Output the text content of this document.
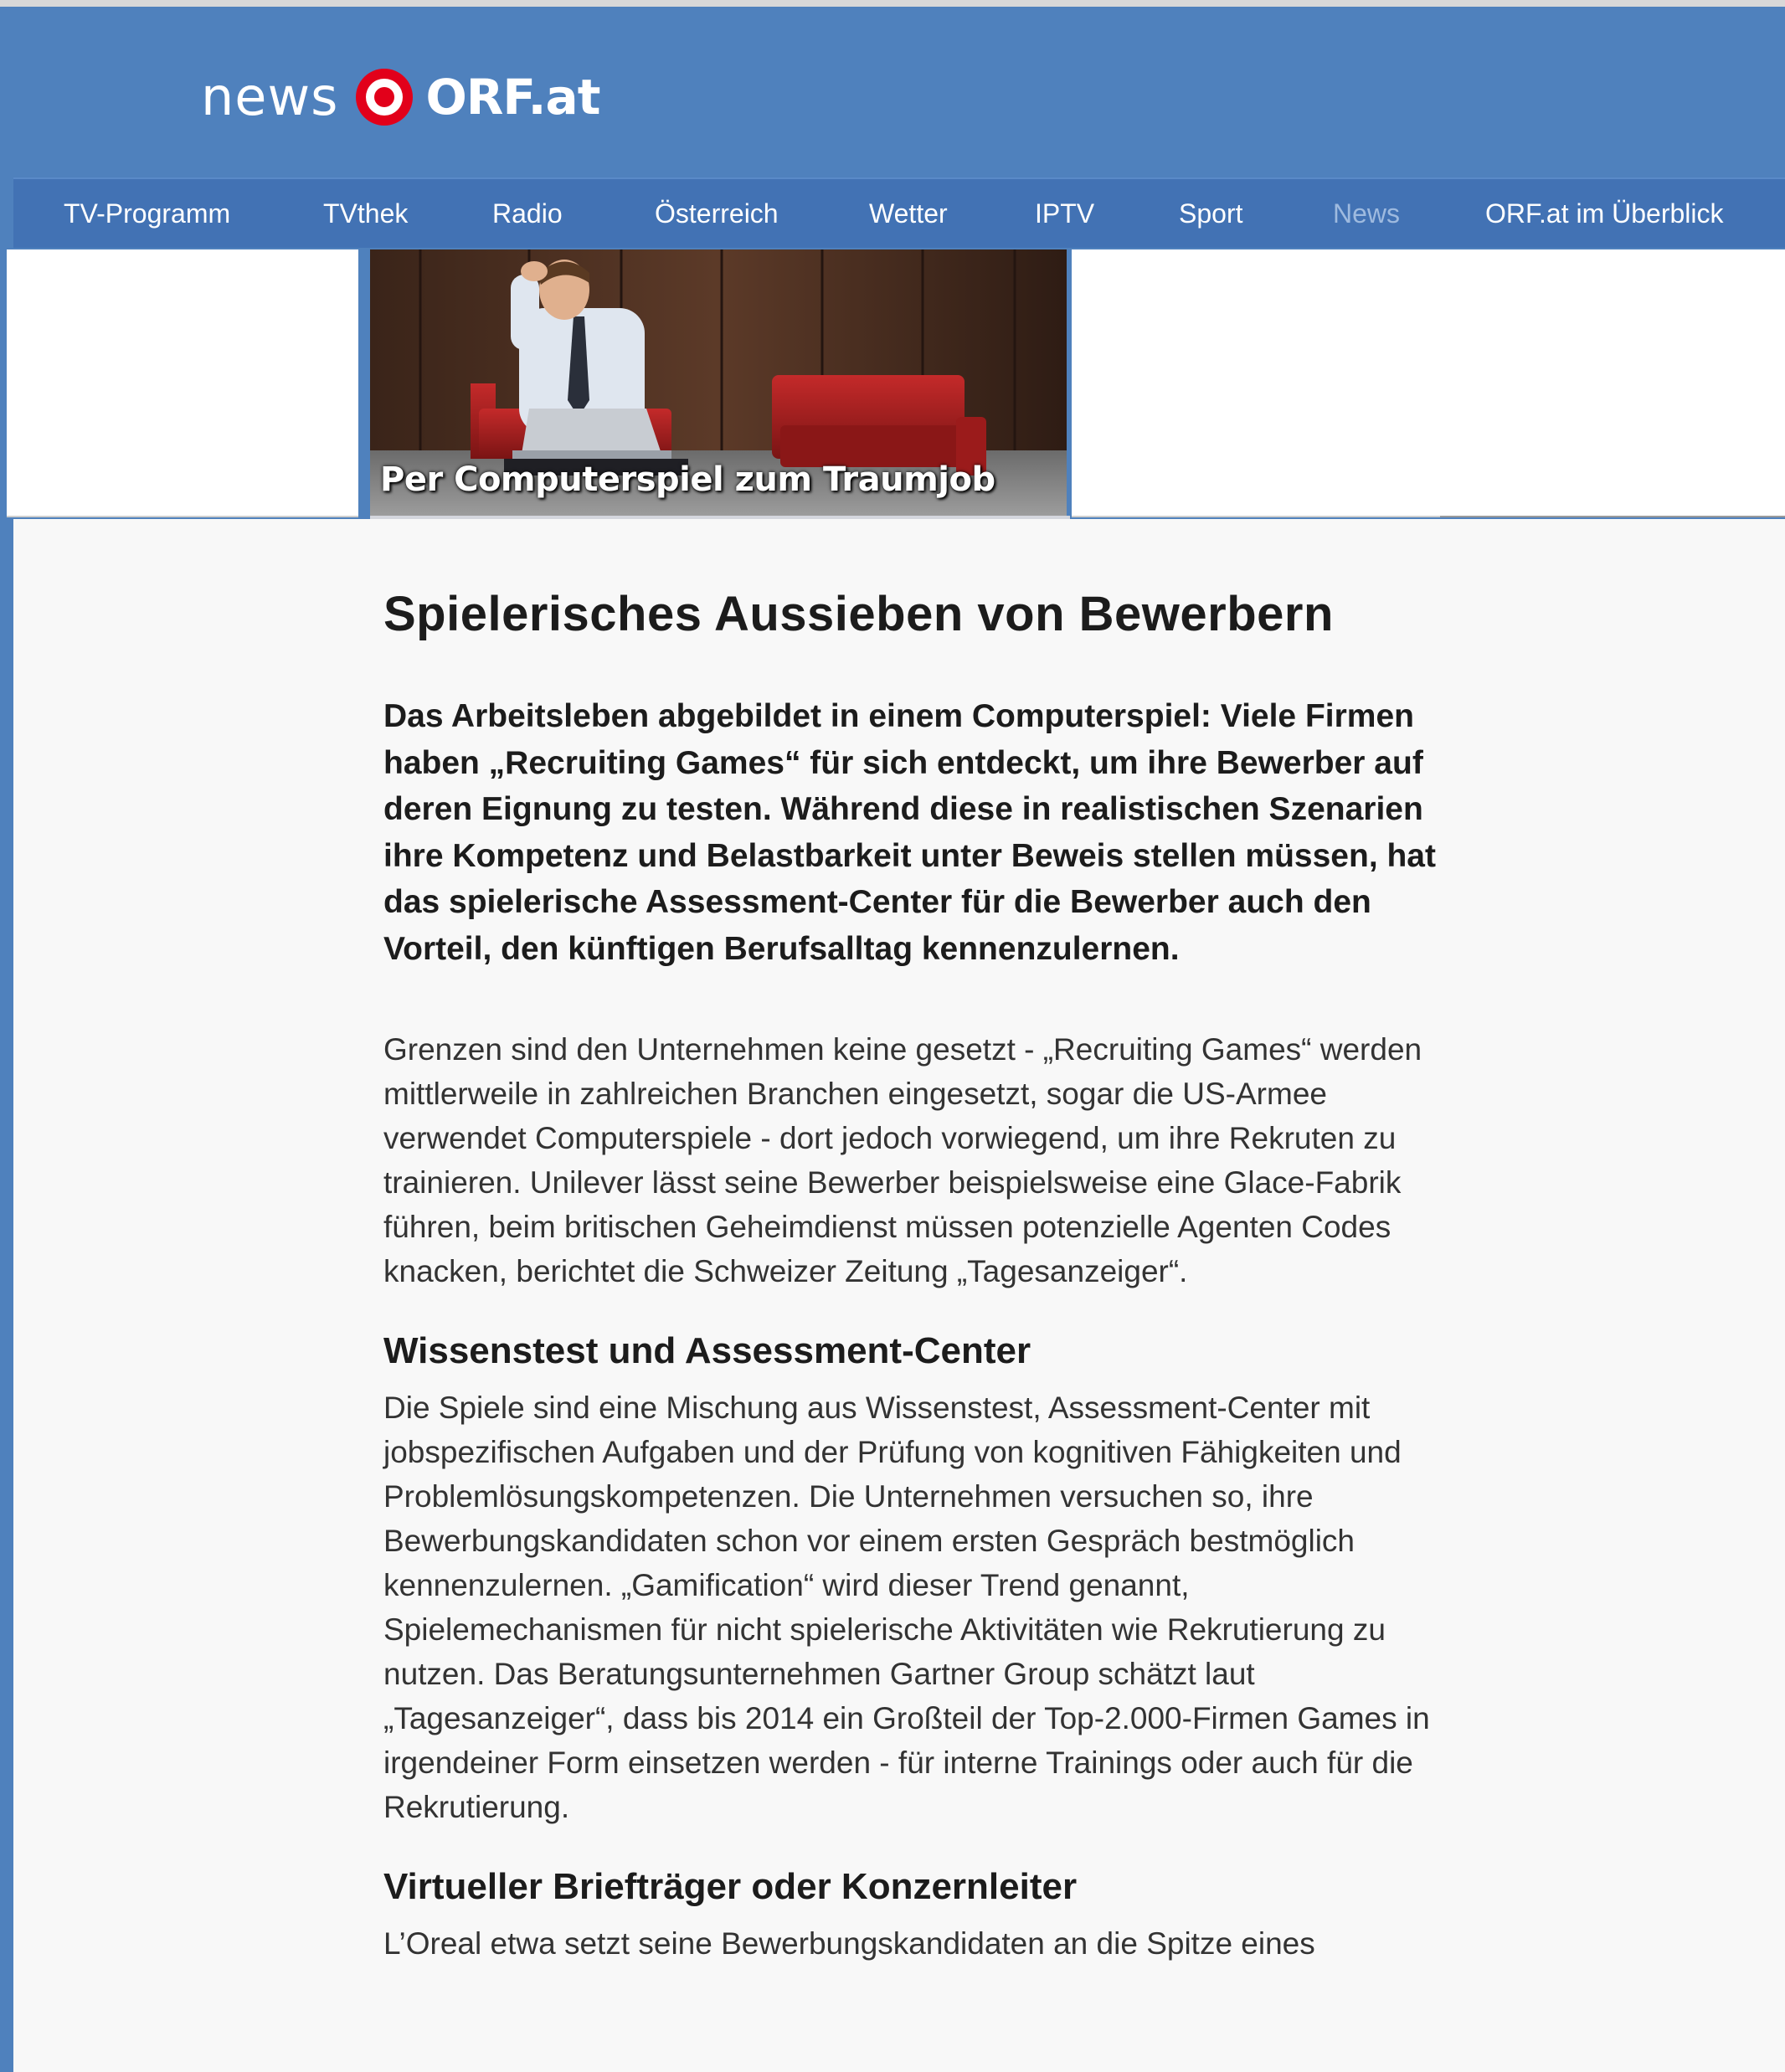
news ORF.at
TV-Programm	TVthek	Radio	Österreich	Wetter	IPTV	Sport	News	ORF.at im Überblick
Per Computerspiel zum Traumjob
Spielerisches Aussieben von Bewerbern

Das Arbeitsleben abgebildet in einem Computerspiel: Viele Firmen haben „Recruiting Games“ für sich entdeckt, um ihre Bewerber auf deren Eignung zu testen. Während diese in realistischen Szenarien ihre Kompetenz und Belastbarkeit unter Beweis stellen müssen, hat das spielerische Assessment-Center für die Bewerber auch den Vorteil, den künftigen Berufsalltag kennenzulernen.

Grenzen sind den Unternehmen keine gesetzt - „Recruiting Games“ werden mittlerweile in zahlreichen Branchen eingesetzt, sogar die US-Armee verwendet Computerspiele - dort jedoch vorwiegend, um ihre Rekruten zu trainieren. Unilever lässt seine Bewerber beispielsweise eine Glace-Fabrik führen, beim britischen Geheimdienst müssen potenzielle Agenten Codes knacken, berichtet die Schweizer Zeitung „Tagesanzeiger“.

Wissenstest und Assessment-Center

Die Spiele sind eine Mischung aus Wissenstest, Assessment-Center mit jobspezifischen Aufgaben und der Prüfung von kognitiven Fähigkeiten und Problemlösungskompetenzen. Die Unternehmen versuchen so, ihre Bewerbungskandidaten schon vor einem ersten Gespräch bestmöglich kennenzulernen. „Gamification“ wird dieser Trend genannt, Spielemechanismen für nicht spielerische Aktivitäten wie Rekrutierung zu nutzen. Das Beratungsunternehmen Gartner Group schätzt laut „Tagesanzeiger“, dass bis 2014 ein Großteil der Top-2.000-Firmen Games in irgendeiner Form einsetzen werden - für interne Trainings oder auch für die Rekrutierung.

Virtueller Briefträger oder Konzernleiter

L’Oreal etwa setzt seine Bewerbungskandidaten an die Spitze eines
